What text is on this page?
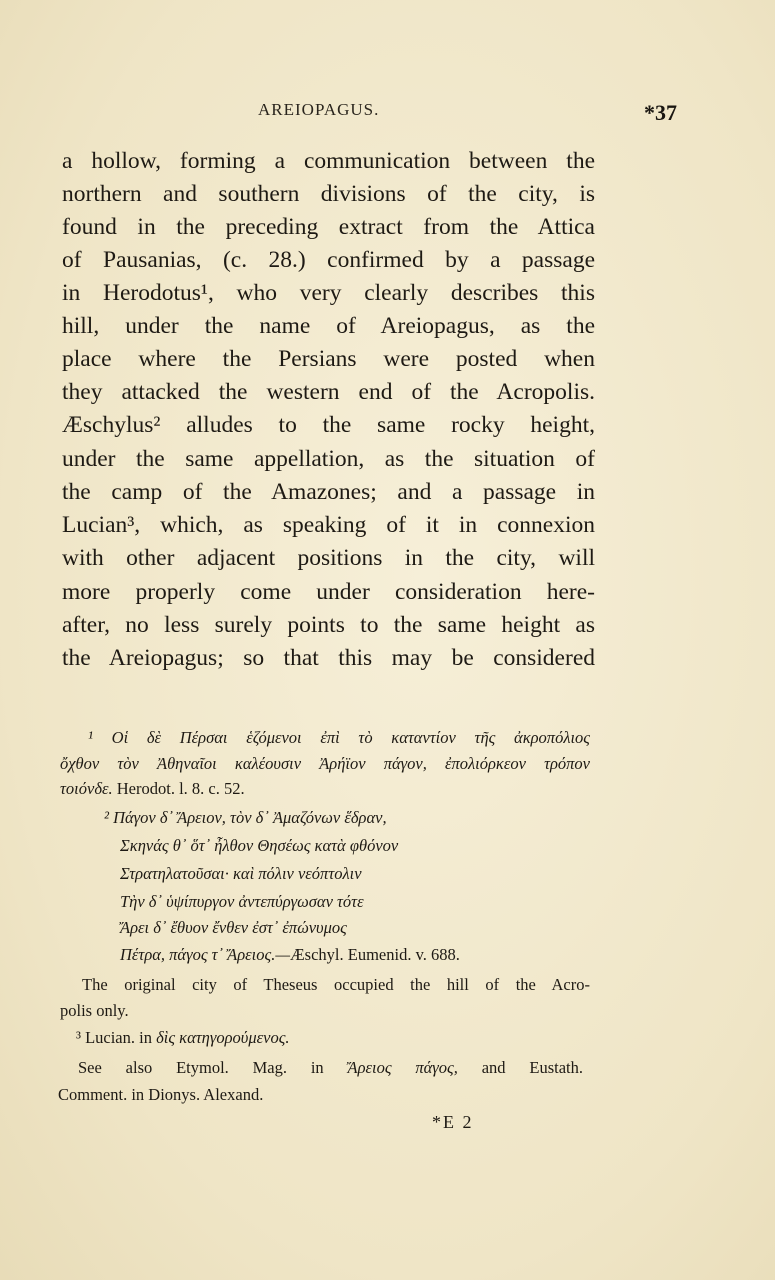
AREIOPAGUS.	*37
a hollow, forming a communication between the
northern and southern divisions of the city, is
found in the preceding extract from the Attica
of Pausanias, (c. 28.) confirmed by a passage
in Herodotus¹, who very clearly describes this
hill, under the name of Areiopagus, as the
place where the Persians were posted when
they attacked the western end of the Acropolis.
Æschylus² alludes to the same rocky height,
under the same appellation, as the situation of
the camp of the Amazones; and a passage in
Lucian³, which, as speaking of it in connexion
with other adjacent positions in the city, will
more properly come under consideration here-
after, no less surely points to the same height as
the Areiopagus; so that this may be considered
¹ Οἱ δὲ Πέρσαι ἑζόμενοι ἐπὶ τὸ καταντίον τῆς ἀκροπόλιος
ὄχθον τὸν Ἀθηναῖοι καλέουσιν Ἀρήϊον πάγον, ἐπολιόρκεον τρόπον
τοιόνδε. Herodot. l. 8. c. 52.
² Πάγον δ᾽ Ἄρειον, τὸν δ᾽ Ἀμαζόνων ἕδραν,
Σκηνάς θ᾽ ὅτ᾽ ἦλθον Θησέως κατὰ φθόνον
Στρατηλατοῦσαι· καὶ πόλιν νεόπτολιν
Τὴν δ᾽ ὑψίπυργον ἀντεπύργωσαν τότε
Ἄρει δ᾽ ἔθυον ἔνθεν ἐστ᾽ ἐπώνυμος
Πέτρα, πάγος τ᾽ Ἄρειος.—Æschyl. Eumenid. v. 688.
The original city of Theseus occupied the hill of the Acro-
polis only.
³ Lucian. in δὶς κατηγορούμενος.
See also Etymol. Mag. in Ἄρειος πάγος, and Eustath.
Comment. in Dionys. Alexand.
*E 2
